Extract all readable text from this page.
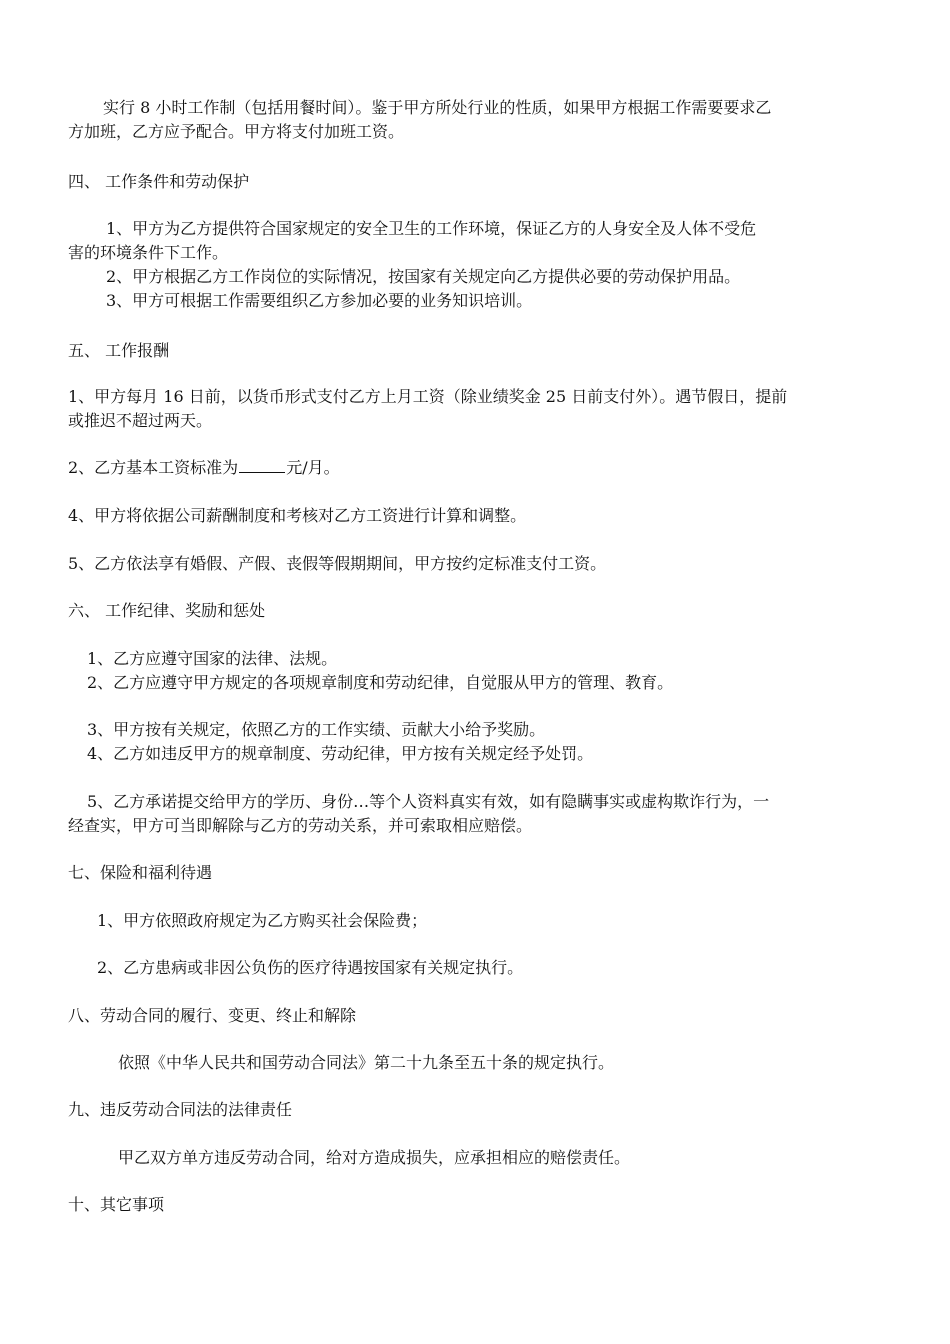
实行 8 小时工作制（包括用餐时间）。鉴于甲方所处行业的性质，如果甲方根据工作需要要求乙
方加班，乙方应予配合。甲方将支付加班工资。
四、 工作条件和劳动保护
1、甲方为乙方提供符合国家规定的安全卫生的工作环境，保证乙方的人身安全及人体不受危
害的环境条件下工作。
2、甲方根据乙方工作岗位的实际情况，按国家有关规定向乙方提供必要的劳动保护用品。
3、甲方可根据工作需要组织乙方参加必要的业务知识培训。
五、 工作报酬
1、甲方每月 16 日前，以货币形式支付乙方上月工资（除业绩奖金 25 日前支付外）。遇节假日，提前
或推迟不超过两天。
2、乙方基本工资标准为	元/月。
4、甲方将依据公司薪酬制度和考核对乙方工资进行计算和调整。
5、乙方依法享有婚假、产假、丧假等假期期间，甲方按约定标准支付工资。
六、 工作纪律、奖励和惩处
1、乙方应遵守国家的法律、法规。
2、乙方应遵守甲方规定的各项规章制度和劳动纪律，自觉服从甲方的管理、教育。
3、甲方按有关规定，依照乙方的工作实绩、贡献大小给予奖励。
4、乙方如违反甲方的规章制度、劳动纪律，甲方按有关规定经予处罚。
5、乙方承诺提交给甲方的学历、身份…等个人资料真实有效，如有隐瞒事实或虚构欺诈行为，一
经查实，甲方可当即解除与乙方的劳动关系，并可索取相应赔偿。
七、保险和福利待遇
1、甲方依照政府规定为乙方购买社会保险费；
2、乙方患病或非因公负伤的医疗待遇按国家有关规定执行。
八、劳动合同的履行、变更、终止和解除
依照《中华人民共和国劳动合同法》第二十九条至五十条的规定执行。
九、违反劳动合同法的法律责任
甲乙双方单方违反劳动合同，给对方造成损失，应承担相应的赔偿责任。
十、其它事项
